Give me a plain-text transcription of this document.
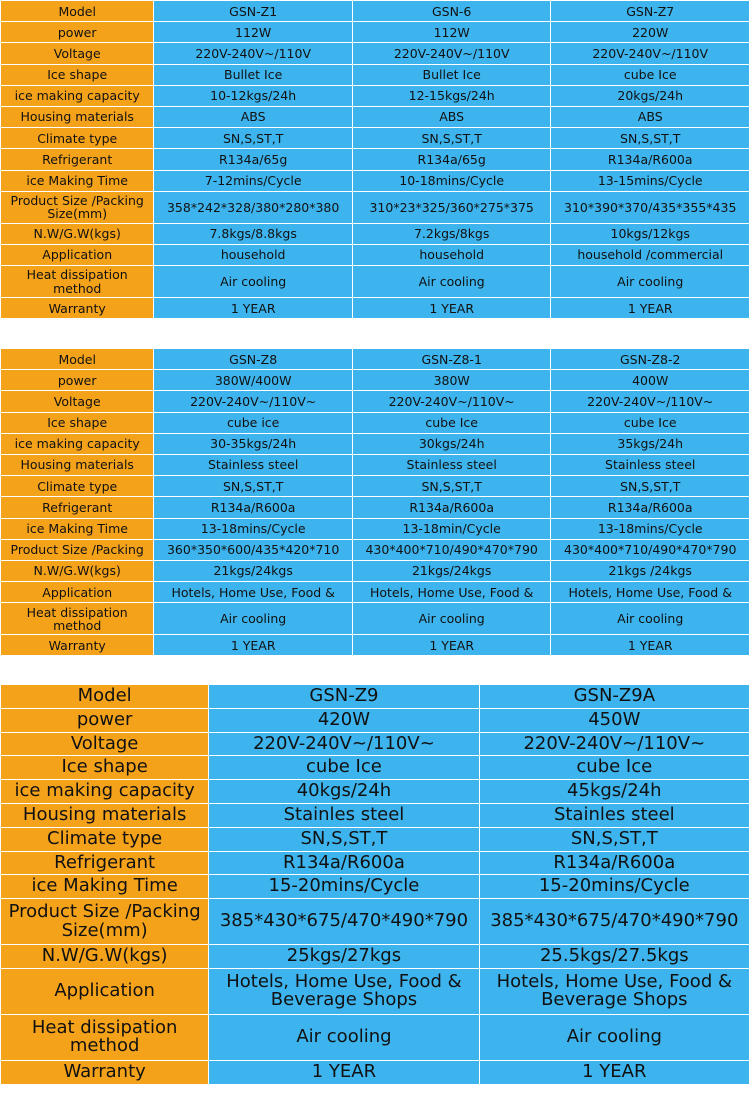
Model	GSN-Z1	GSN-6	GSN-Z7
power	112W	112W	220W
Voltage	220V-240V~/110V	220V-240V~/110V	220V-240V~/110V
Ice shape	Bullet Ice	Bullet Ice	cube Ice
ice making capacity	10-12kgs/24h	12-15kgs/24h	20kgs/24h
Housing materials	ABS	ABS	ABS
Climate type	SN,S,ST,T	SN,S,ST,T	SN,S,ST,T
Refrigerant	R134a/65g	R134a/65g	R134a/R600a
ice Making Time	7-12mins/Cycle	10-18mins/Cycle	13-15mins/Cycle
Product Size /Packing Size(mm)	358*242*328/380*280*380	310*23*325/360*275*375	310*390*370/435*355*435
N.W/G.W(kgs)	7.8kgs/8.8kgs	7.2kgs/8kgs	10kgs/12kgs
Application	household	household	household /commercial
Heat dissipation method	Air cooling	Air cooling	Air cooling
Warranty	1 YEAR	1 YEAR	1 YEAR
Model	GSN-Z8	GSN-Z8-1	GSN-Z8-2
power	380W/400W	380W	400W
Voltage	220V-240V~/110V~	220V-240V~/110V~	220V-240V~/110V~
Ice shape	cube ice	cube Ice	cube Ice
ice making capacity	30-35kgs/24h	30kgs/24h	35kgs/24h
Housing materials	Stainless steel	Stainless steel	Stainless steel
Climate type	SN,S,ST,T	SN,S,ST,T	SN,S,ST,T
Refrigerant	R134a/R600a	R134a/R600a	R134a/R600a
ice Making Time	13-18mins/Cycle	13-18min/Cycle	13-18mins/Cycle
Product Size /Packing	360*350*600/435*420*710	430*400*710/490*470*790	430*400*710/490*470*790
N.W/G.W(kgs)	21kgs/24kgs	21kgs/24kgs	21kgs /24kgs
Application	Hotels, Home Use, Food &	Hotels, Home Use, Food &	Hotels, Home Use, Food &
Heat dissipation method	Air cooling	Air cooling	Air cooling
Warranty	1 YEAR	1 YEAR	1 YEAR
Model	GSN-Z9	GSN-Z9A
power	420W	450W
Voltage	220V-240V~/110V~	220V-240V~/110V~
Ice shape	cube Ice	cube Ice
ice making capacity	40kgs/24h	45kgs/24h
Housing materials	Stainles steel	Stainles steel
Climate type	SN,S,ST,T	SN,S,ST,T
Refrigerant	R134a/R600a	R134a/R600a
ice Making Time	15-20mins/Cycle	15-20mins/Cycle
Product Size /Packing Size(mm)	385*430*675/470*490*790	385*430*675/470*490*790
N.W/G.W(kgs)	25kgs/27kgs	25.5kgs/27.5kgs
Application	Hotels, Home Use, Food & Beverage Shops	Hotels, Home Use, Food & Beverage Shops
Heat dissipation method	Air cooling	Air cooling
Warranty	1 YEAR	1 YEAR
